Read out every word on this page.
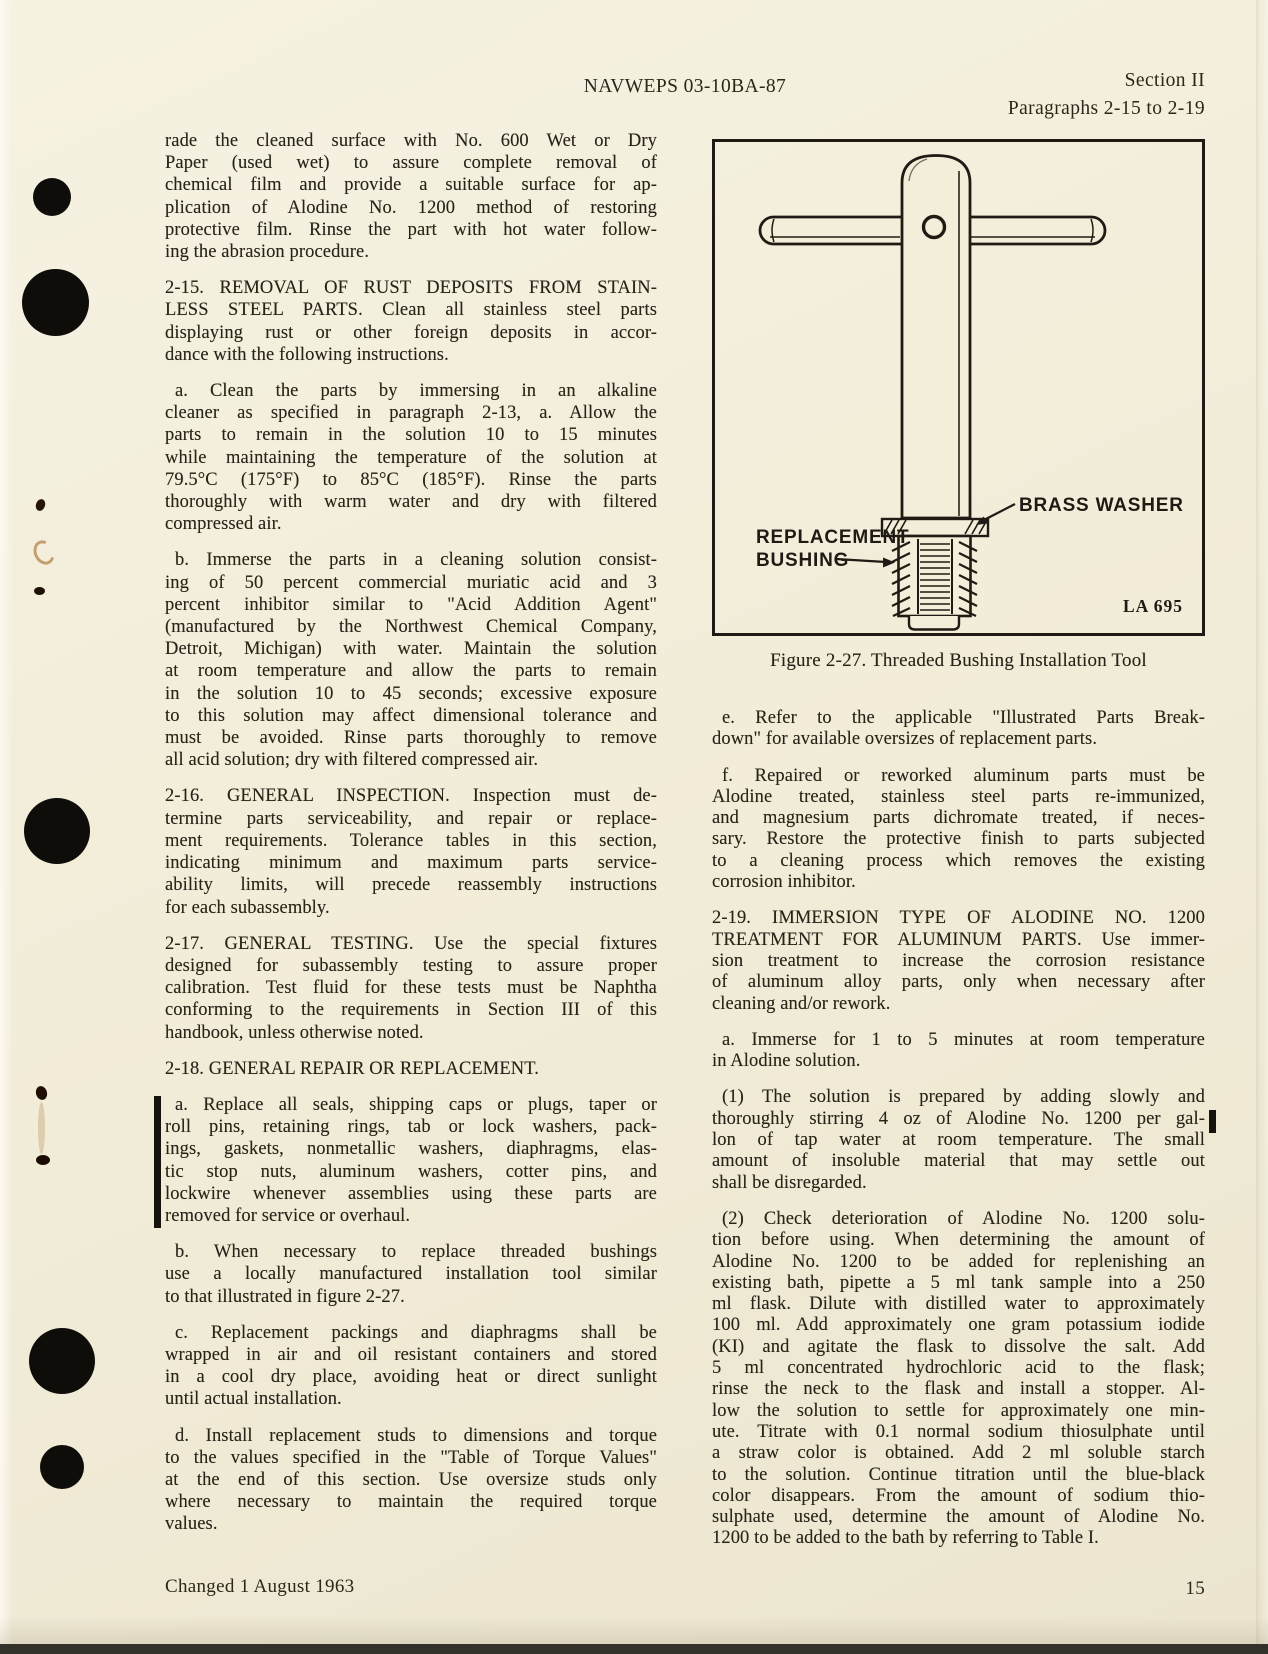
NAVWEPS 03-10BA-87	Section II
Paragraphs 2-15 to 2-19
rade the cleaned surface with No. 600 Wet or Dry
Paper (used wet) to assure complete removal of
chemical film and provide a suitable surface for ap-
plication of Alodine No. 1200 method of restoring
protective film. Rinse the part with hot water follow-
ing the abrasion procedure.
2-15. REMOVAL OF RUST DEPOSITS FROM STAIN-
LESS STEEL PARTS. Clean all stainless steel parts
displaying rust or other foreign deposits in accor-
dance with the following instructions.
a. Clean the parts by immersing in an alkaline
cleaner as specified in paragraph 2-13, a. Allow the
parts to remain in the solution 10 to 15 minutes
while maintaining the temperature of the solution at
79.5°C (175°F) to 85°C (185°F). Rinse the parts
thoroughly with warm water and dry with filtered
compressed air.
b. Immerse the parts in a cleaning solution consist-
ing of 50 percent commercial muriatic acid and 3
percent inhibitor similar to "Acid Addition Agent"
(manufactured by the Northwest Chemical Company,
Detroit, Michigan) with water. Maintain the solution
at room temperature and allow the parts to remain
in the solution 10 to 45 seconds; excessive exposure
to this solution may affect dimensional tolerance and
must be avoided. Rinse parts thoroughly to remove
all acid solution; dry with filtered compressed air.
2-16. GENERAL INSPECTION. Inspection must de-
termine parts serviceability, and repair or replace-
ment requirements. Tolerance tables in this section,
indicating minimum and maximum parts service-
ability limits, will precede reassembly instructions
for each subassembly.
2-17. GENERAL TESTING. Use the special fixtures
designed for subassembly testing to assure proper
calibration. Test fluid for these tests must be Naphtha
conforming to the requirements in Section III of this
handbook, unless otherwise noted.
2-18. GENERAL REPAIR OR REPLACEMENT.
a. Replace all seals, shipping caps or plugs, taper or
roll pins, retaining rings, tab or lock washers, pack-
ings, gaskets, nonmetallic washers, diaphragms, elas-
tic stop nuts, aluminum washers, cotter pins, and
lockwire whenever assemblies using these parts are
removed for service or overhaul.
b. When necessary to replace threaded bushings
use a locally manufactured installation tool similar
to that illustrated in figure 2-27.
c. Replacement packings and diaphragms shall be
wrapped in air and oil resistant containers and stored
in a cool dry place, avoiding heat or direct sunlight
until actual installation.
d. Install replacement studs to dimensions and torque
to the values specified in the "Table of Torque Values"
at the end of this section. Use oversize studs only
where necessary to maintain the required torque
values.
BRASS WASHER
REPLACEMENT
BUSHING
LA 695
Figure 2-27. Threaded Bushing Installation Tool
e. Refer to the applicable "Illustrated Parts Break-
down" for available oversizes of replacement parts.
f. Repaired or reworked aluminum parts must be
Alodine treated, stainless steel parts re-immunized,
and magnesium parts dichromate treated, if neces-
sary. Restore the protective finish to parts subjected
to a cleaning process which removes the existing
corrosion inhibitor.
2-19. IMMERSION TYPE OF ALODINE NO. 1200
TREATMENT FOR ALUMINUM PARTS. Use immer-
sion treatment to increase the corrosion resistance
of aluminum alloy parts, only when necessary after
cleaning and/or rework.
a. Immerse for 1 to 5 minutes at room temperature
in Alodine solution.
(1) The solution is prepared by adding slowly and
thoroughly stirring 4 oz of Alodine No. 1200 per gal-
lon of tap water at room temperature. The small
amount of insoluble material that may settle out
shall be disregarded.
(2) Check deterioration of Alodine No. 1200 solu-
tion before using. When determining the amount of
Alodine No. 1200 to be added for replenishing an
existing bath, pipette a 5 ml tank sample into a 250
ml flask. Dilute with distilled water to approximately
100 ml. Add approximately one gram potassium iodide
(KI) and agitate the flask to dissolve the salt. Add
5 ml concentrated hydrochloric acid to the flask;
rinse the neck to the flask and install a stopper. Al-
low the solution to settle for approximately one min-
ute. Titrate with 0.1 normal sodium thiosulphate until
a straw color is obtained. Add 2 ml soluble starch
to the solution. Continue titration until the blue-black
color disappears. From the amount of sodium thio-
sulphate used, determine the amount of Alodine No.
1200 to be added to the bath by referring to Table I.
Changed 1 August 1963	15
